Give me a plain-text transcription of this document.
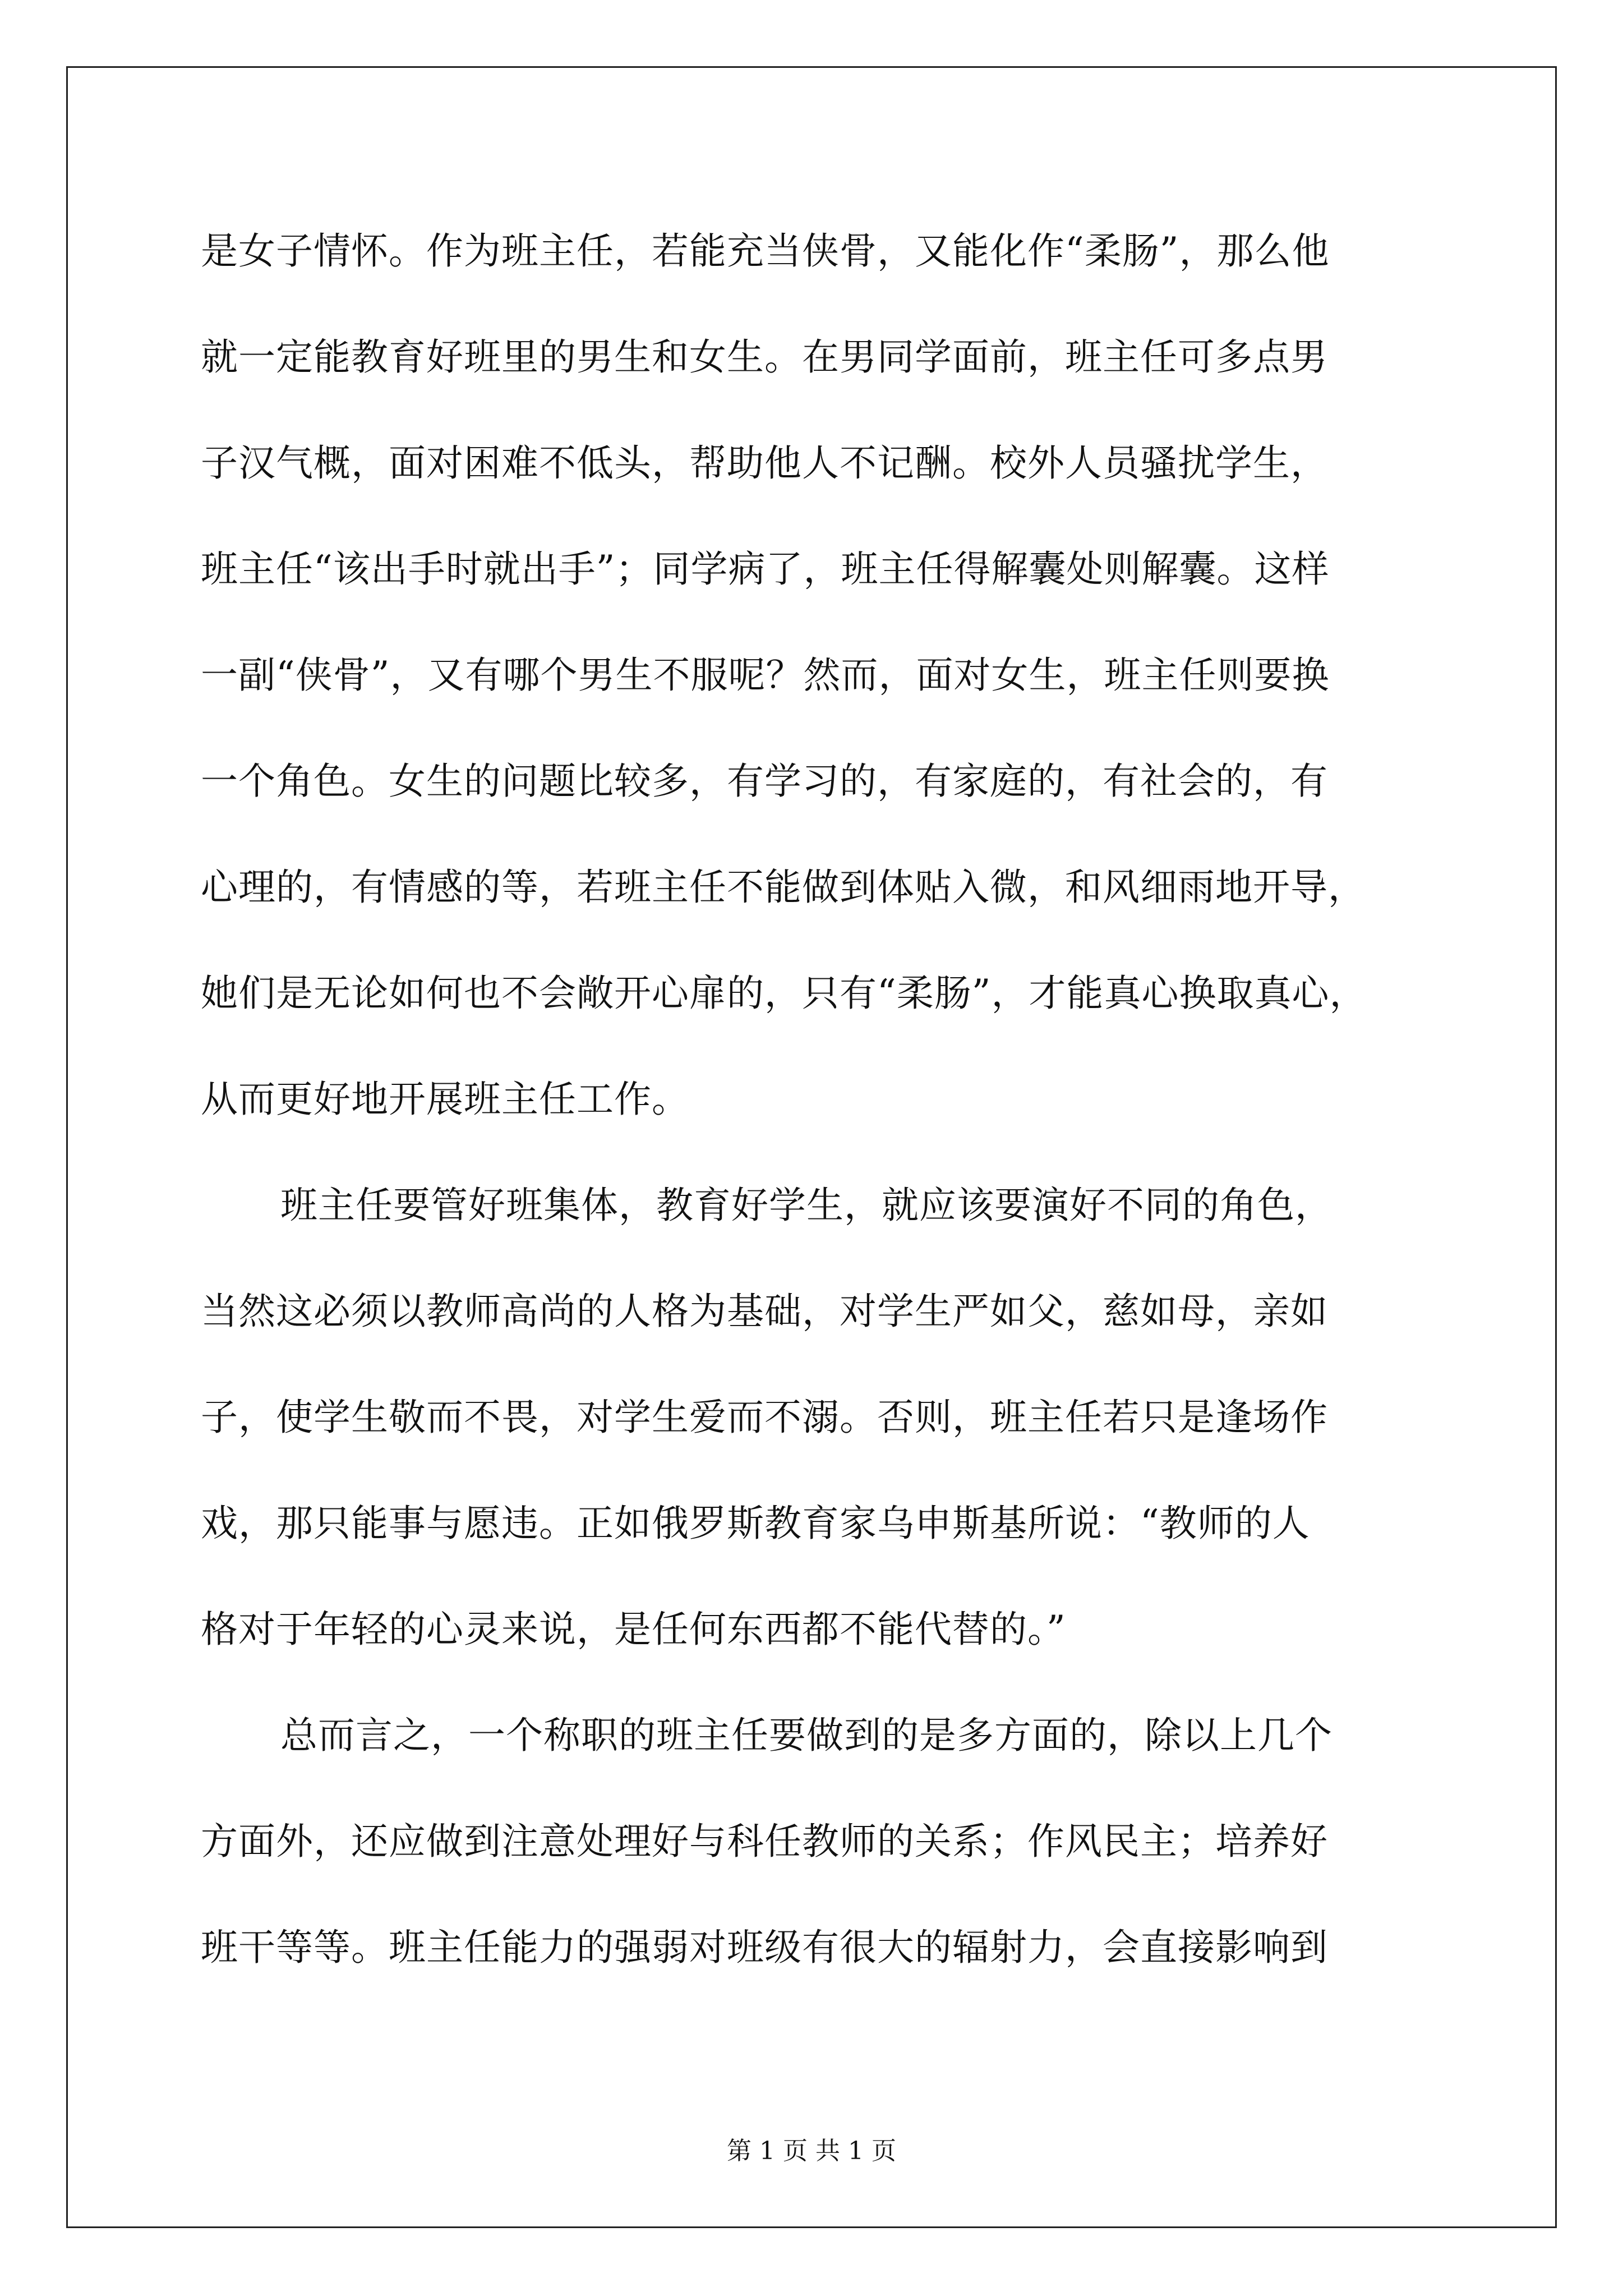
是女子情怀。作为班主任，若能充当侠骨，又能化作“柔肠”，那么他
就一定能教育好班里的男生和女生。在男同学面前，班主任可多点男
子汉气概，面对困难不低头，帮助他人不记酬。校外人员骚扰学生，
班主任“该出手时就出手”；同学病了，班主任得解囊处则解囊。这样
一副“侠骨”，又有哪个男生不服呢？然而，面对女生，班主任则要换
一个角色。女生的问题比较多，有学习的，有家庭的，有社会的，有
心理的，有情感的等，若班主任不能做到体贴入微，和风细雨地开导，
她们是无论如何也不会敞开心扉的，只有“柔肠”，才能真心换取真心，
从而更好地开展班主任工作。
班主任要管好班集体，教育好学生，就应该要演好不同的角色，
当然这必须以教师高尚的人格为基础，对学生严如父，慈如母，亲如
子，使学生敬而不畏，对学生爱而不溺。否则，班主任若只是逢场作
戏，那只能事与愿违。正如俄罗斯教育家乌申斯基所说：“教师的人
格对于年轻的心灵来说，是任何东西都不能代替的。”
总而言之，一个称职的班主任要做到的是多方面的，除以上几个
方面外，还应做到注意处理好与科任教师的关系；作风民主；培养好
班干等等。班主任能力的强弱对班级有很大的辐射力，会直接影响到
第 1 页 共 1 页
